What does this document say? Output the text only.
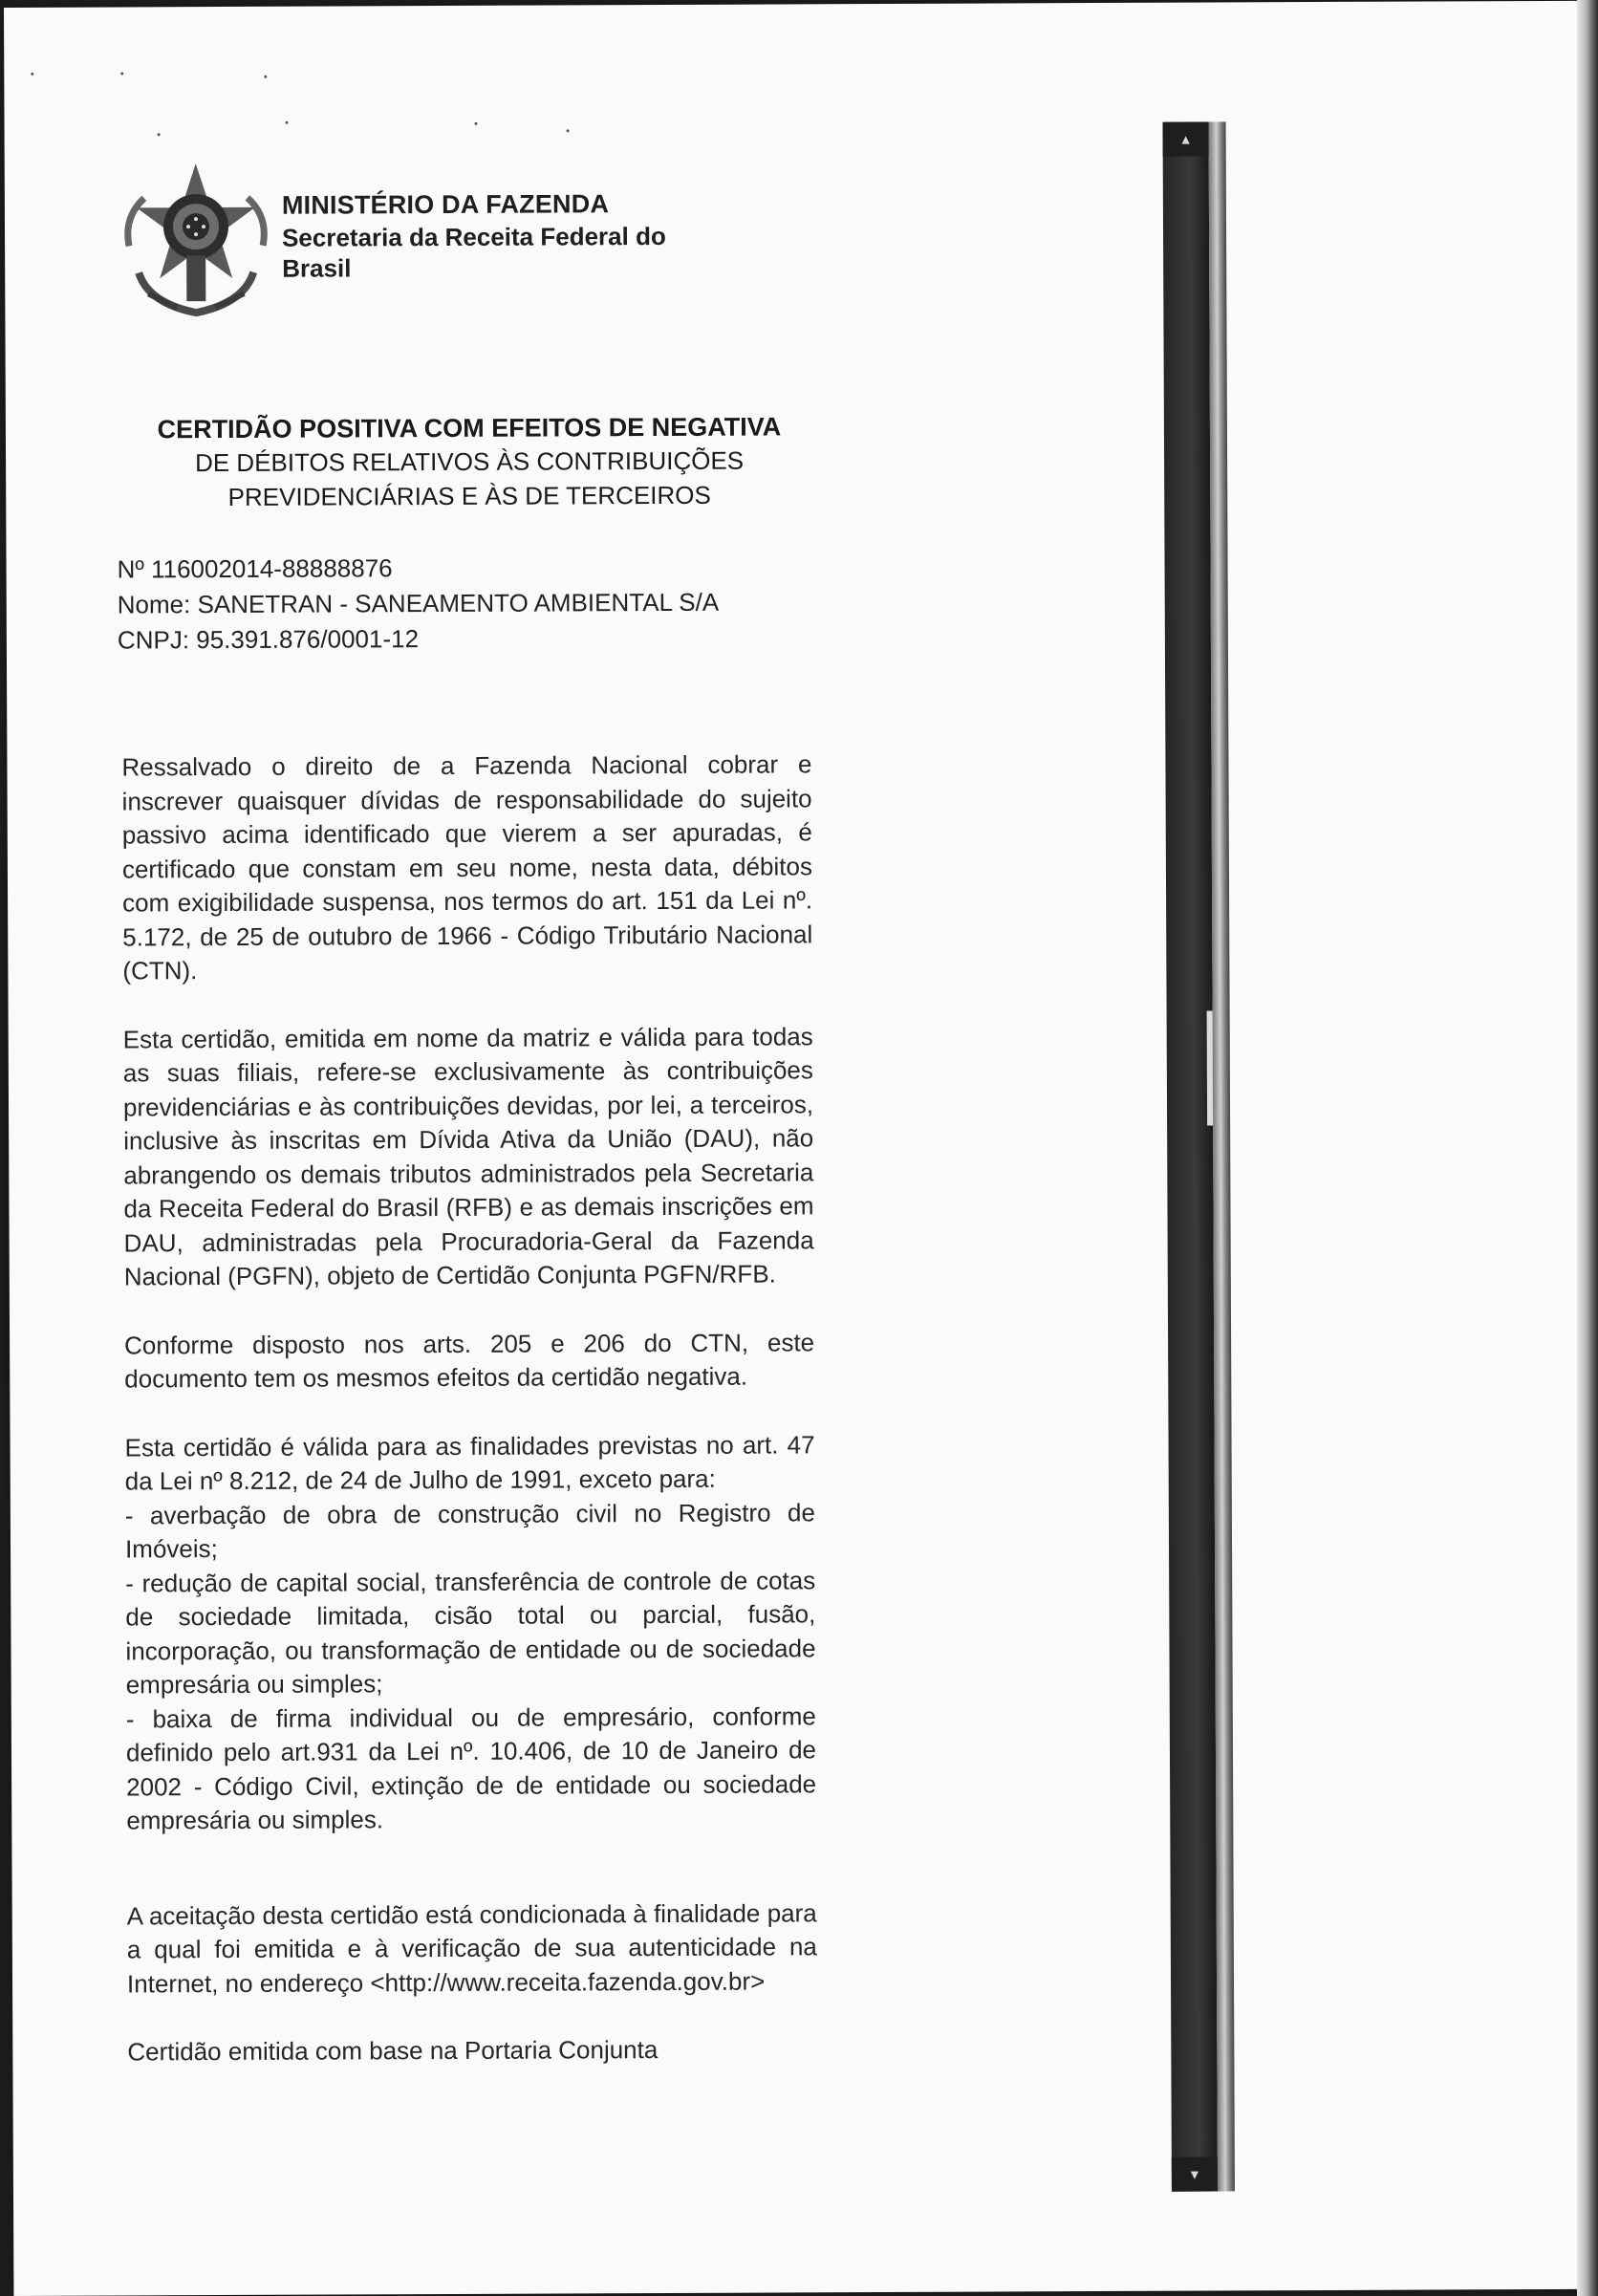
MINISTÉRIO DA FAZENDA
Secretaria da Receita Federal do
Brasil
CERTIDÃO POSITIVA COM EFEITOS DE NEGATIVA
DE DÉBITOS RELATIVOS ÀS CONTRIBUIÇÕES
PREVIDENCIÁRIAS E ÀS DE TERCEIROS
Nº 116002014-88888876
Nome: SANETRAN - SANEAMENTO AMBIENTAL S/A
CNPJ: 95.391.876/0001-12

Ressalvado o direito de a Fazenda Nacional cobrar e inscrever quaisquer dívidas de responsabilidade do sujeito passivo acima identificado que vierem a ser apuradas, é certificado que constam em seu nome, nesta data, débitos com exigibilidade suspensa, nos termos do art. 151 da Lei nº. 5.172, de 25 de outubro de 1966 - Código Tributário Nacional (CTN).

Esta certidão, emitida em nome da matriz e válida para todas as suas filiais, refere-se exclusivamente às contribuições previdenciárias e às contribuições devidas, por lei, a terceiros, inclusive às inscritas em Dívida Ativa da União (DAU), não abrangendo os demais tributos administrados pela Secretaria da Receita Federal do Brasil (RFB) e as demais inscrições em DAU, administradas pela Procuradoria-Geral da Fazenda Nacional (PGFN), objeto de Certidão Conjunta PGFN/RFB.

Conforme disposto nos arts. 205 e 206 do CTN, este documento tem os mesmos efeitos da certidão negativa.

Esta certidão é válida para as finalidades previstas no art. 47 da Lei nº 8.212, de 24 de Julho de 1991, exceto para:

- averbação de obra de construção civil no Registro de Imóveis;

- redução de capital social, transferência de controle de cotas de sociedade limitada, cisão total ou parcial, fusão, incorporação, ou transformação de entidade ou de sociedade empresária ou simples;

- baixa de firma individual ou de empresário, conforme definido pelo art.931 da Lei nº. 10.406, de 10 de Janeiro de 2002 - Código Civil, extinção de de entidade ou sociedade empresária ou simples.

A aceitação desta certidão está condicionada à finalidade para a qual foi emitida e à verificação de sua autenticidade na Internet, no endereço <http://www.receita.fazenda.gov.br>

Certidão emitida com base na Portaria Conjunta

▲
▼
